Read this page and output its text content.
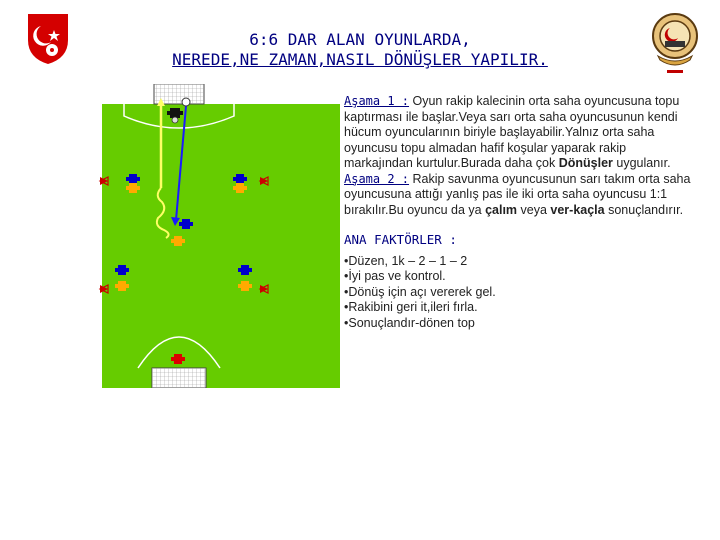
6:6 DAR ALAN OYUNLARDA,
NEREDE,NE ZAMAN,NASIL DÖNÜŞLER YAPILIR.
Aşama 1 : Oyun rakip kalecinin orta saha oyuncusuna topu kaptırması ile başlar.Veya sarı orta saha oyuncusunun kendi hücum oyuncularının biriyle başlayabilir.Yalnız orta saha oyuncusu topu almadan hafif koşular yaparak rakip markajından kurtulur.Burada daha çok Dönüşler uygulanır.
Aşama 2 : Rakip savunma oyuncusunun sarı takım orta saha oyuncusuna attığı yanlış pas ile iki orta saha oyuncusu 1:1 bırakılır.Bu oyuncu da ya çalım veya ver-kaçla sonuçlandırır.
ANA FAKTÖRLER :
•Düzen, 1k – 2 – 1 – 2
•İyi pas ve kontrol.
•Dönüş için açı vererek gel.
•Rakibini geri it,ileri fırla.
•Sonuçlandır-dönen top
